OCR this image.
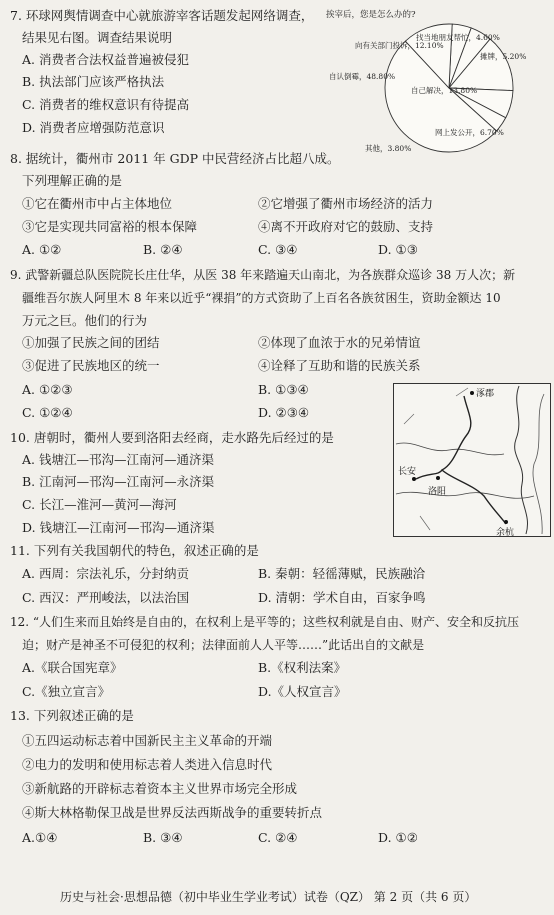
7. 环球网舆情调查中心就旅游宰客话题发起网络调查，
结果见右图。调查结果说明
A. 消费者合法权益普遍被侵犯
B. 执法部门应该严格执法
C. 消费者的维权意识有待提高
D. 消费者应增强防范意识
挨宰后，您是怎么办的?
找当地朋友帮忙，4.60%
摊牌，5.20%
自己解决，13.80%
网上发公开，6.70%
其他，3.80%
自认倒霉，48.80%
向有关部门投诉，12.10%
8. 据统计，衢州市 2011 年 GDP 中民营经济占比超八成。
下列理解正确的是
①它在衢州市中占主体地位	②它增强了衢州市场经济的活力
③它是实现共同富裕的根本保障	④离不开政府对它的鼓励、支持
A. ①②	B. ②④	C. ③④	D. ①③
9. 武警新疆总队医院院长庄仕华，从医 38 年来踏遍天山南北，为各族群众巡诊 38 万人次；新
疆维吾尔族人阿里木 8 年来以近乎“裸捐”的方式资助了上百名各族贫困生，资助金额达 10
万元之巨。他们的行为
①加强了民族之间的团结	②体现了血浓于水的兄弟情谊
③促进了民族地区的统一	④诠释了互助和谐的民族关系
A. ①②③	B. ①③④
C. ①②④	D. ②③④
涿郡
长安
洛阳
余杭
10. 唐朝时，衢州人要到洛阳去经商，走水路先后经过的是
A. 钱塘江—邗沟—江南河—通济渠
B. 江南河—邗沟—江南河—永济渠
C. 长江—淮河—黄河—海河
D. 钱塘江—江南河—邗沟—通济渠
11. 下列有关我国朝代的特色，叙述正确的是
A. 西周：宗法礼乐，分封纳贡	B. 秦朝：轻徭薄赋，民族融洽
C. 西汉：严刑峻法，以法治国	D. 清朝：学术自由，百家争鸣
12. “人们生来而且始终是自由的，在权利上是平等的；这些权利就是自由、财产、安全和反抗压
迫；财产是神圣不可侵犯的权利；法律面前人人平等……”此话出自的文献是
A.《联合国宪章》	B.《权利法案》
C.《独立宣言》	D.《人权宣言》
13. 下列叙述正确的是
①五四运动标志着中国新民主主义革命的开端
②电力的发明和使用标志着人类进入信息时代
③新航路的开辟标志着资本主义世界市场完全形成
④斯大林格勒保卫战是世界反法西斯战争的重要转折点
A.①④	B. ③④	C. ②④	D. ①②
历史与社会·思想品德（初中毕业生学业考试）试卷（QZ） 第 2 页（共 6 页）
